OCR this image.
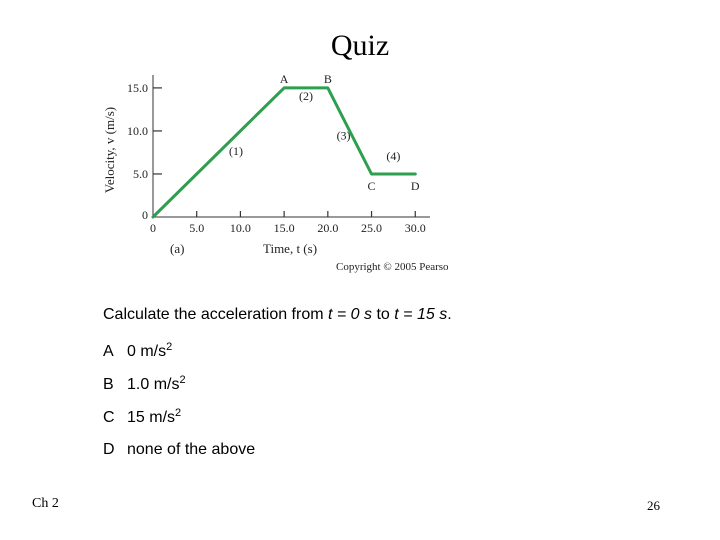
Quiz
0	5.0 10.0 15.0 20.0 25.0 30.0
5.0
10.0
15.0
0
A	B
C	D
(1)
(2)
(3)
(4)
Velocity, v (m/s)
Time, t (s)
(a)
Copyright © 2005 Pearso
Calculate the acceleration from t = 0 s to t = 15 s.
A 0 $m/s^2$
B 1.0 $m/s^2$
C 15 $m/s^2$
D none of the above
Ch 2	26
